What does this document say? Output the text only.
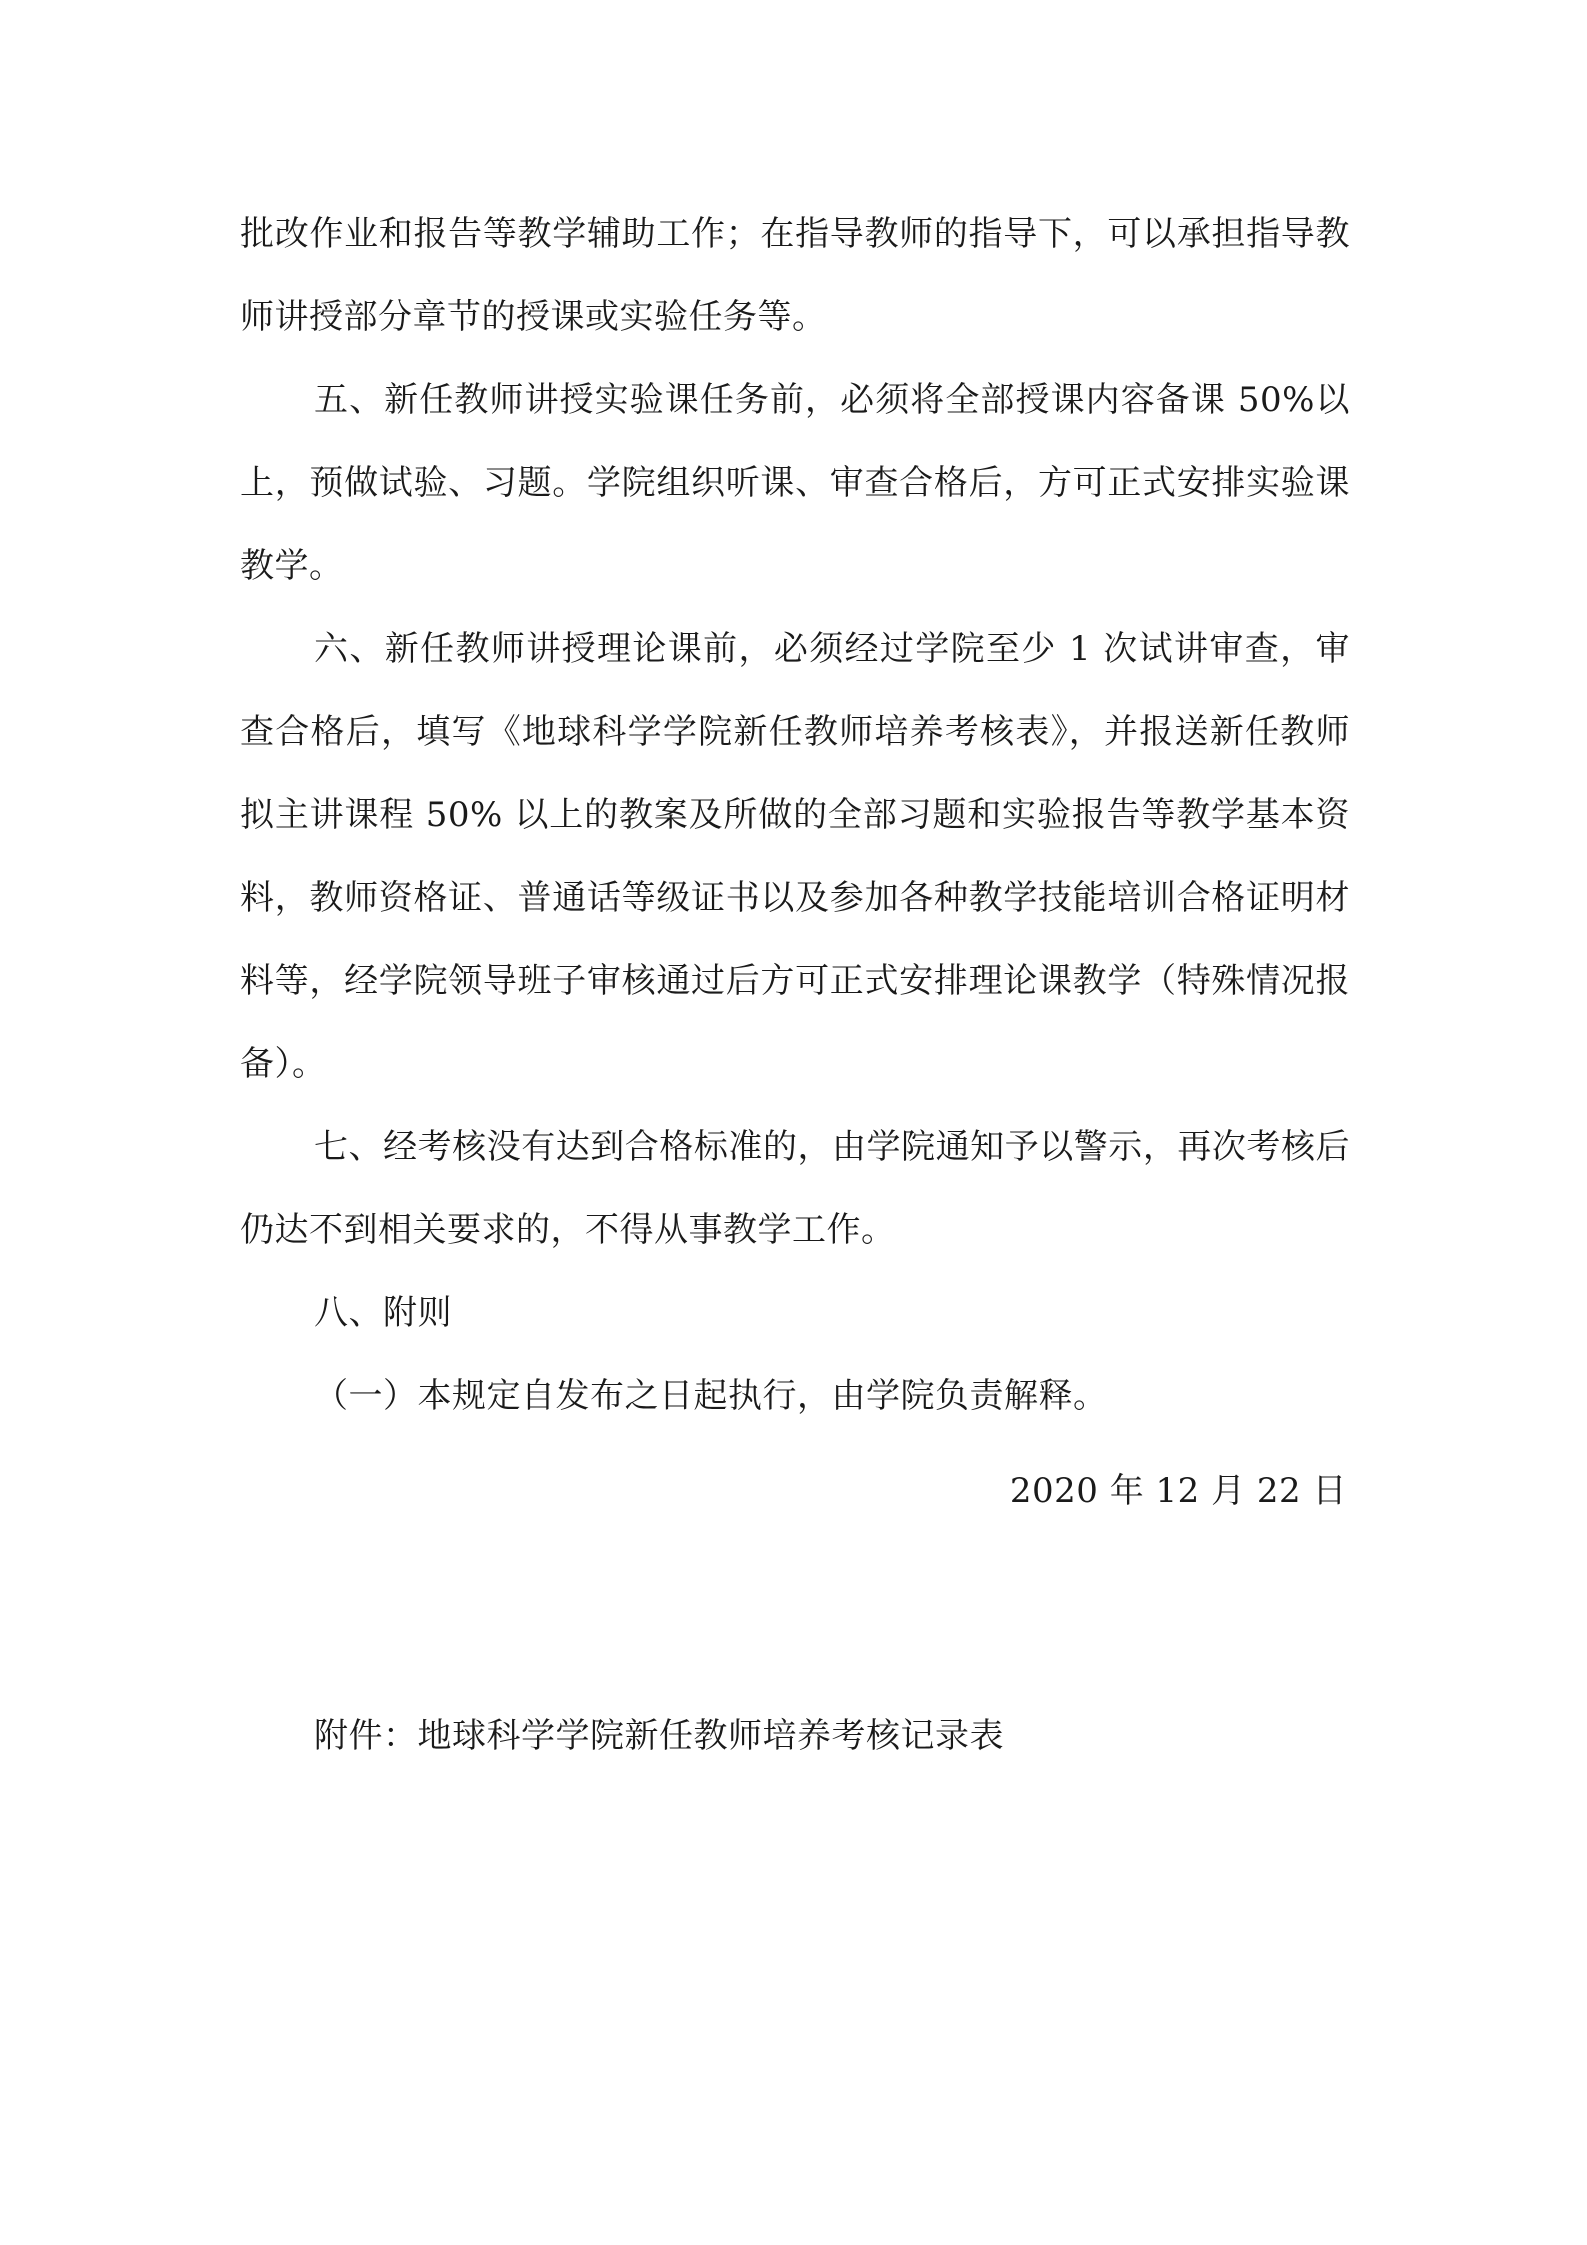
批改作业和报告等教学辅助工作；在指导教师的指导下，可以承担指导教师讲授部分章节的授课或实验任务等。

五、新任教师讲授实验课任务前，必须将全部授课内容备课 50%以上，预做试验、习题。学院组织听课、审查合格后，方可正式安排实验课教学。

六、新任教师讲授理论课前，必须经过学院至少 1 次试讲审查，审查合格后，填写《地球科学学院新任教师培养考核表》，并报送新任教师拟主讲课程 50% 以上的教案及所做的全部习题和实验报告等教学基本资料，教师资格证、普通话等级证书以及参加各种教学技能培训合格证明材料等，经学院领导班子审核通过后方可正式安排理论课教学（特殊情况报备）。

七、经考核没有达到合格标准的，由学院通知予以警示，再次考核后仍达不到相关要求的，不得从事教学工作。

八、附则

（一）本规定自发布之日起执行，由学院负责解释。

2020 年 12 月 22 日
附件：地球科学学院新任教师培养考核记录表
